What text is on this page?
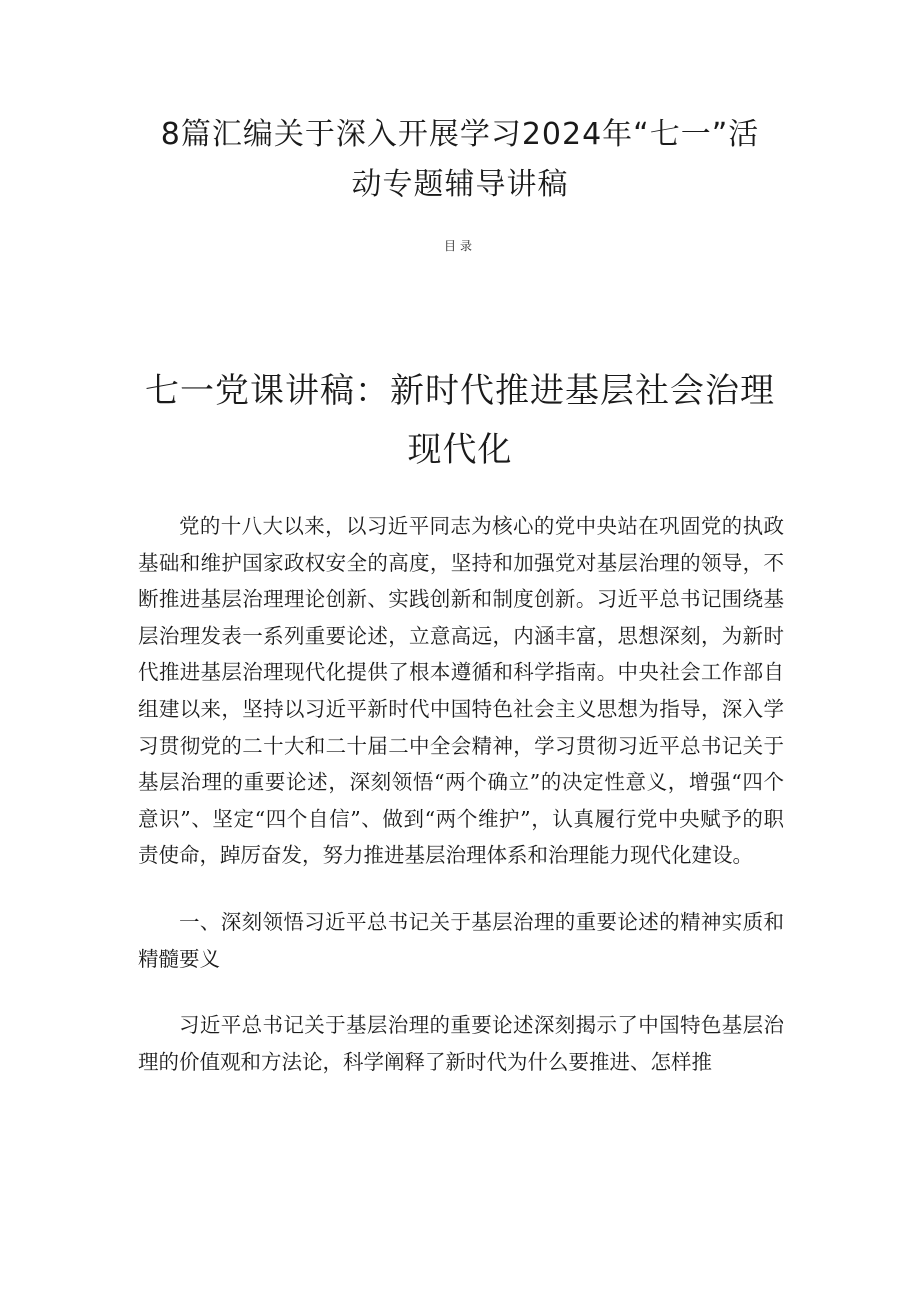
8篇汇编关于深入开展学习2024年“七一”活动专题辅导讲稿
目录
七一党课讲稿：新时代推进基层社会治理现代化

党的十八大以来，以习近平同志为核心的党中央站在巩固党的执政基础和维护国家政权安全的高度，坚持和加强党对基层治理的领导，不断推进基层治理理论创新、实践创新和制度创新。习近平总书记围绕基层治理发表一系列重要论述，立意高远，内涵丰富，思想深刻，为新时代推进基层治理现代化提供了根本遵循和科学指南。中央社会工作部自组建以来，坚持以习近平新时代中国特色社会主义思想为指导，深入学习贯彻党的二十大和二十届二中全会精神，学习贯彻习近平总书记关于基层治理的重要论述，深刻领悟“两个确立”的决定性意义，增强“四个意识”、坚定“四个自信”、做到“两个维护”，认真履行党中央赋予的职责使命，踔厉奋发，努力推进基层治理体系和治理能力现代化建设。

一、深刻领悟习近平总书记关于基层治理的重要论述的精神实质和精髓要义

习近平总书记关于基层治理的重要论述深刻揭示了中国特色基层治理的价值观和方法论，科学阐释了新时代为什么要推进、怎样推
